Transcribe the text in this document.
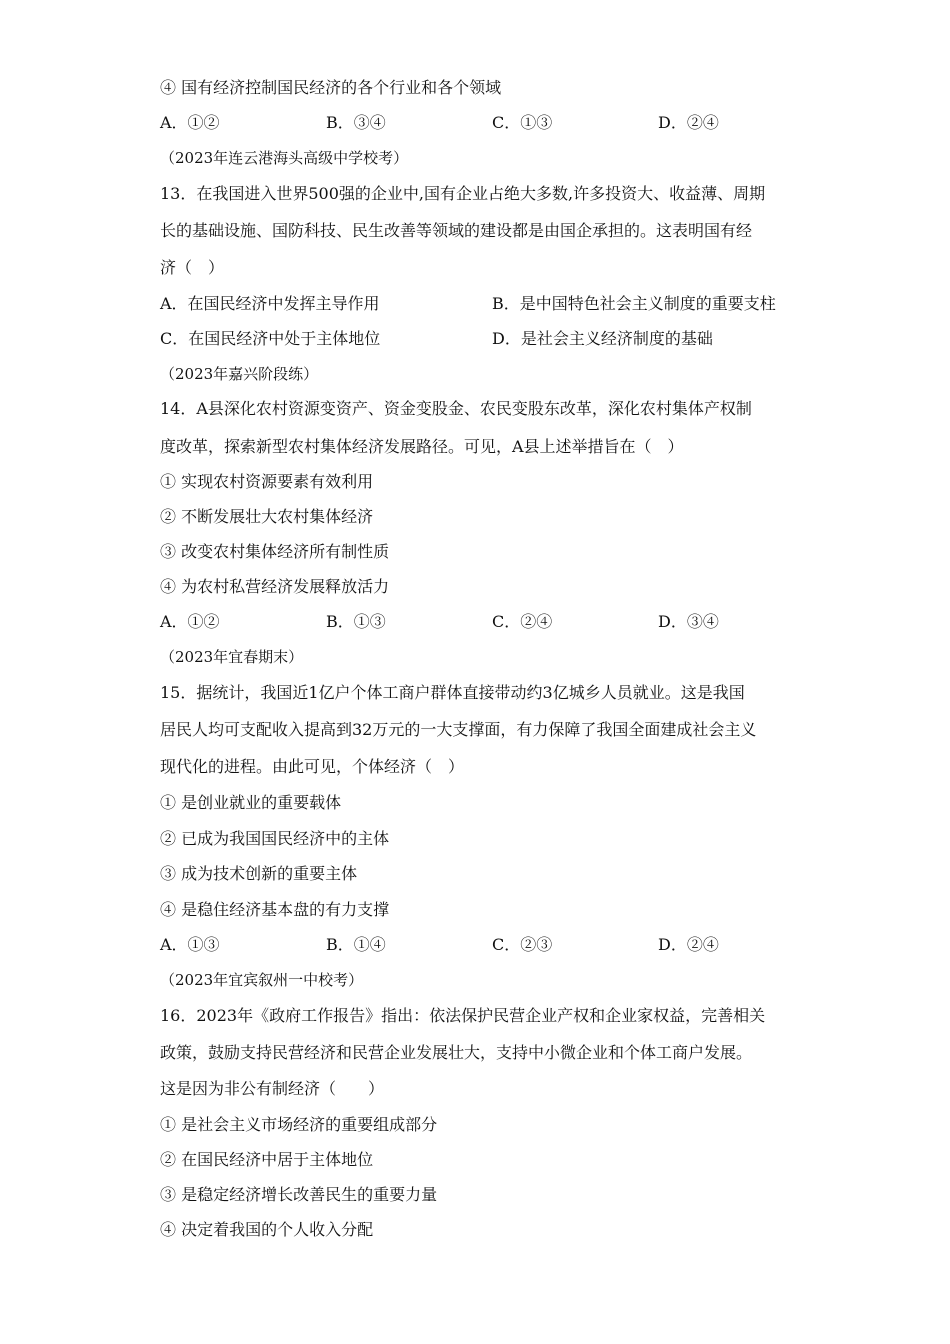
④ 国有经济控制国民经济的各个行业和各个领域
A．①②	B．③④	C．①③	D．②④
（2023年连云港海头高级中学校考）
13．在我国进入世界500强的企业中,国有企业占绝大多数,许多投资大、收益薄、周期
长的基础设施、国防科技、民生改善等领域的建设都是由国企承担的。这表明国有经
济（　）
A．在国民经济中发挥主导作用	B．是中国特色社会主义制度的重要支柱
C．在国民经济中处于主体地位	D．是社会主义经济制度的基础
（2023年嘉兴阶段练）
14．A县深化农村资源变资产、资金变股金、农民变股东改革，深化农村集体产权制
度改革，探索新型农村集体经济发展路径。可见，A县上述举措旨在（　）
① 实现农村资源要素有效利用
② 不断发展壮大农村集体经济
③ 改变农村集体经济所有制性质
④ 为农村私营经济发展释放活力
A．①②	B．①③	C．②④	D．③④
（2023年宜春期末）
15．据统计，我国近1亿户个体工商户群体直接带动约3亿城乡人员就业。这是我国
居民人均可支配收入提高到32万元的一大支撑面，有力保障了我国全面建成社会主义
现代化的进程。由此可见，个体经济（　）
① 是创业就业的重要载体
② 已成为我国国民经济中的主体
③ 成为技术创新的重要主体
④ 是稳住经济基本盘的有力支撑
A．①③	B．①④	C．②③	D．②④
（2023年宜宾叙州一中校考）
16．2023年《政府工作报告》指出：依法保护民营企业产权和企业家权益，完善相关
政策，鼓励支持民营经济和民营企业发展壮大，支持中小微企业和个体工商户发展。
这是因为非公有制经济（　　）
① 是社会主义市场经济的重要组成部分
② 在国民经济中居于主体地位
③ 是稳定经济增长改善民生的重要力量
④ 决定着我国的个人收入分配
